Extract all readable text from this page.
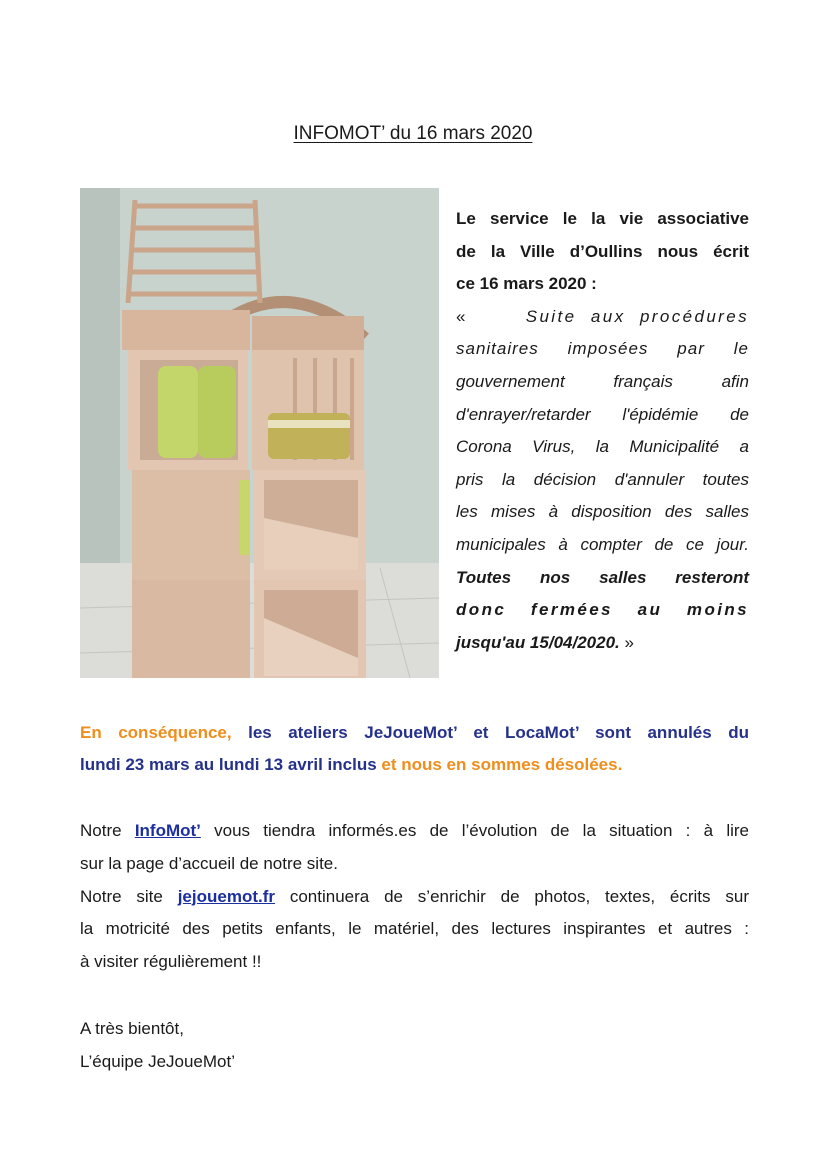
INFOMOT’ du 16 mars 2020

Le service le la vie associative

de la Ville d’Oullins nous écrit

ce 16 mars 2020 :

«	Suite aux procédures

sanitaires imposées par le

gouvernement français afin

d'enrayer/retarder l'épidémie de

Corona Virus, la Municipalité a

pris la décision d'annuler toutes

les mises à disposition des salles

municipales à compter de ce jour.

Toutes nos salles resteront

donc fermées au moins

jusqu'au 15/04/2020. »

En conséquence, les ateliers JeJoueMot’ et LocaMot’ sont annulés du

lundi 23 mars au lundi 13 avril inclus et nous en sommes désolées.

Notre InfoMot’ vous tiendra informés.es de l’évolution de la situation : à lire

sur la page d’accueil de notre site.

Notre site jejouemot.fr continuera de s’enrichir de photos, textes, écrits sur

la motricité des petits enfants, le matériel, des lectures inspirantes et autres :

à visiter régulièrement !!

A très bientôt,

L’équipe JeJoueMot’
